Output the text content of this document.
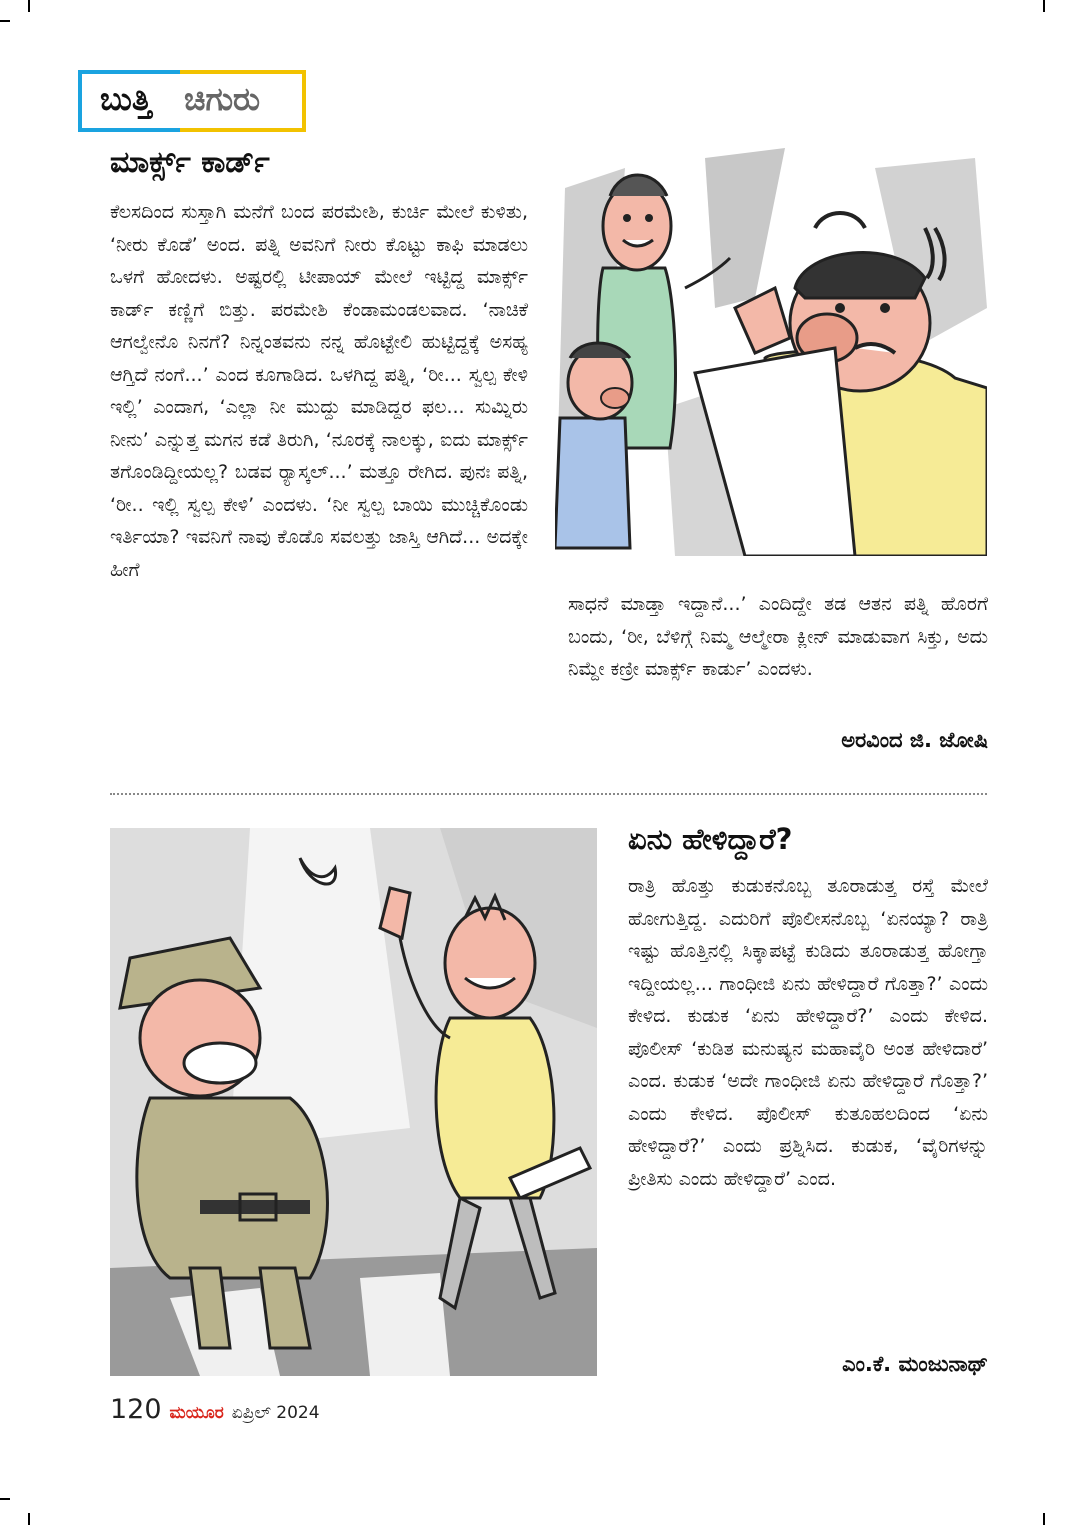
ಬುತ್ತಿ ಚಿಗುರು
ಮಾರ್ಕ್ಸ್‌ ಕಾರ್ಡ್‌
ಕೆಲಸದಿಂದ ಸುಸ್ತಾಗಿ ಮನೆಗೆ ಬಂದ ಪರಮೇಶಿ, ಕುರ್ಚಿ ಮೇಲೆ ಕುಳಿತು, ‘ನೀರು ಕೊಡೆ’ ಅಂದ. ಪತ್ನಿ ಅವನಿಗೆ ನೀರು ಕೊಟ್ಟು ಕಾಫಿ ಮಾಡಲು ಒಳಗೆ ಹೋದಳು. ಅಷ್ಟರಲ್ಲಿ ಟೀಪಾಯ್ ಮೇಲೆ ಇಟ್ಟಿದ್ದ ಮಾರ್ಕ್ಸ್ ಕಾರ್ಡ್ ಕಣ್ಣಿಗೆ ಬಿತ್ತು. ಪರಮೇಶಿ ಕೆಂಡಾಮಂಡಲವಾದ. ‘ನಾಚಿಕೆ ಆಗಲ್ವೇನೊ ನಿನಗೆ? ನಿನ್ನಂತವನು ನನ್ನ ಹೊಟ್ಟೇಲಿ ಹುಟ್ಟಿದ್ದಕ್ಕೆ ಅಸಹ್ಯ ಆಗ್ತಿದೆ ನಂಗೆ...’ ಎಂದ ಕೂಗಾಡಿದ. ಒಳಗಿದ್ದ ಪತ್ನಿ, ‘ರೀ... ಸ್ವಲ್ಪ ಕೇಳಿ ಇಲ್ಲಿ’ ಎಂದಾಗ, ‘ಎಲ್ಲಾ ನೀ ಮುದ್ದು ಮಾಡಿದ್ದರ ಫಲ... ಸುಮ್ನಿರು ನೀನು’ ಎನ್ನುತ್ತ ಮಗನ ಕಡೆ ತಿರುಗಿ, ‘ನೂರಕ್ಕೆ ನಾಲಕ್ಕು, ಐದು ಮಾರ್ಕ್ಸ್ ತಗೊಂಡಿದ್ದೀಯಲ್ಲ? ಬಡವ ರ್‍ಯಾಸ್ಕಲ್...’ ಮತ್ತೂ ರೇಗಿದ. ಪುನಃ ಪತ್ನಿ, ‘ರೀ.. ಇಲ್ಲಿ ಸ್ವಲ್ಪ ಕೇಳಿ’ ಎಂದಳು. ‘ನೀ ಸ್ವಲ್ಪ ಬಾಯಿ ಮುಚ್ಚಿಕೊಂಡು ಇರ್ತಿಯಾ? ಇವನಿಗೆ ನಾವು ಕೊಡೊ ಸವಲತ್ತು ಜಾಸ್ತಿ ಆಗಿದೆ... ಅದಕ್ಕೇ ಹೀಗೆ
ಸಾಧನೆ ಮಾಡ್ತಾ ಇದ್ದಾನೆ...’ ಎಂದಿದ್ದೇ ತಡ ಆತನ ಪತ್ನಿ ಹೊರಗೆ ಬಂದು, ‘ರೀ, ಬೆಳಿಗ್ಗೆ ನಿಮ್ಮ ಆಲ್ಮೇರಾ ಕ್ಲೀನ್ ಮಾಡುವಾಗ ಸಿಕ್ತು, ಅದು ನಿಮ್ದೇ ಕಣ್ರೀ ಮಾರ್ಕ್ಸ್ ಕಾರ್ಡು’ ಎಂದಳು.
ಅರವಿಂದ ಜಿ. ಜೋಷಿ
ಏನು ಹೇಳಿದ್ದಾರೆ?
ರಾತ್ರಿ ಹೊತ್ತು ಕುಡುಕನೊಬ್ಬ ತೂರಾಡುತ್ತ ರಸ್ತೆ ಮೇಲೆ ಹೋಗುತ್ತಿದ್ದ. ಎದುರಿಗೆ ಪೊಲೀಸನೊಬ್ಬ ‘ಏನಯ್ಯಾ? ರಾತ್ರಿ ಇಷ್ಟು ಹೊತ್ತಿನಲ್ಲಿ ಸಿಕ್ಕಾಪಟ್ಟೆ ಕುಡಿದು ತೂರಾಡುತ್ತ ಹೋಗ್ತಾ ಇದ್ದೀಯಲ್ಲ... ಗಾಂಧೀಜಿ ಏನು ಹೇಳಿದ್ದಾರೆ ಗೊತ್ತಾ?’ ಎಂದು ಕೇಳಿದ. ಕುಡುಕ ‘ಏನು ಹೇಳಿದ್ದಾರೆ?’ ಎಂದು ಕೇಳಿದ. ಪೊಲೀಸ್ ‘ಕುಡಿತ ಮನುಷ್ಯನ ಮಹಾವೈರಿ ಅಂತ ಹೇಳಿದಾರೆ’ ಎಂದ. ಕುಡುಕ ‘ಅದೇ ಗಾಂಧೀಜಿ ಏನು ಹೇಳಿದ್ದಾರೆ ಗೊತ್ತಾ?’ ಎಂದು ಕೇಳಿದ. ಪೊಲೀಸ್ ಕುತೂಹಲದಿಂದ ‘ಏನು ಹೇಳಿದ್ದಾರೆ?’ ಎಂದು ಪ್ರಶ್ನಿಸಿದ. ಕುಡುಕ, ‘ವೈರಿಗಳನ್ನು ಪ್ರೀತಿಸು ಎಂದು ಹೇಳಿದ್ದಾರೆ’ ಎಂದ.
ಎಂ.ಕೆ. ಮಂಜುನಾಥ್
120 ಮಯೂರ ಏಪ್ರಿಲ್ 2024
